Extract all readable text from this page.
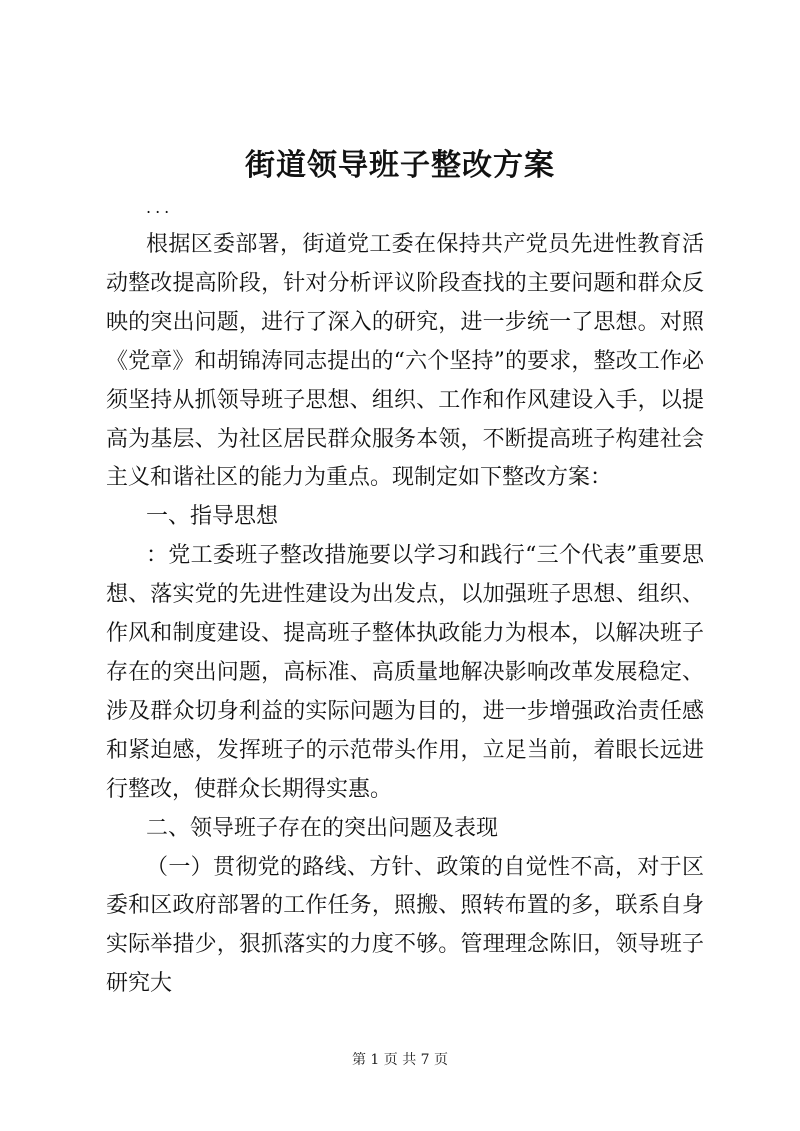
街道领导班子整改方案
...

根据区委部署，街道党工委在保持共产党员先进性教育活动整改提高阶段，针对分析评议阶段查找的主要问题和群众反映的突出问题，进行了深入的研究，进一步统一了思想。对照《党章》和胡锦涛同志提出的“六个坚持”的要求，整改工作必须坚持从抓领导班子思想、组织、工作和作风建设入手，以提高为基层、为社区居民群众服务本领，不断提高班子构建社会主义和谐社区的能力为重点。现制定如下整改方案：

一、指导思想

：党工委班子整改措施要以学习和践行“三个代表”重要思想、落实党的先进性建设为出发点，以加强班子思想、组织、作风和制度建设、提高班子整体执政能力为根本，以解决班子存在的突出问题，高标准、高质量地解决影响改革发展稳定、涉及群众切身利益的实际问题为目的，进一步增强政治责任感和紧迫感，发挥班子的示范带头作用，立足当前，着眼长远进行整改，使群众长期得实惠。

二、领导班子存在的突出问题及表现

（一）贯彻党的路线、方针、政策的自觉性不高，对于区委和区政府部署的工作任务，照搬、照转布置的多，联系自身实际举措少，狠抓落实的力度不够。管理理念陈旧，领导班子研究大

第 1 页 共 7 页
